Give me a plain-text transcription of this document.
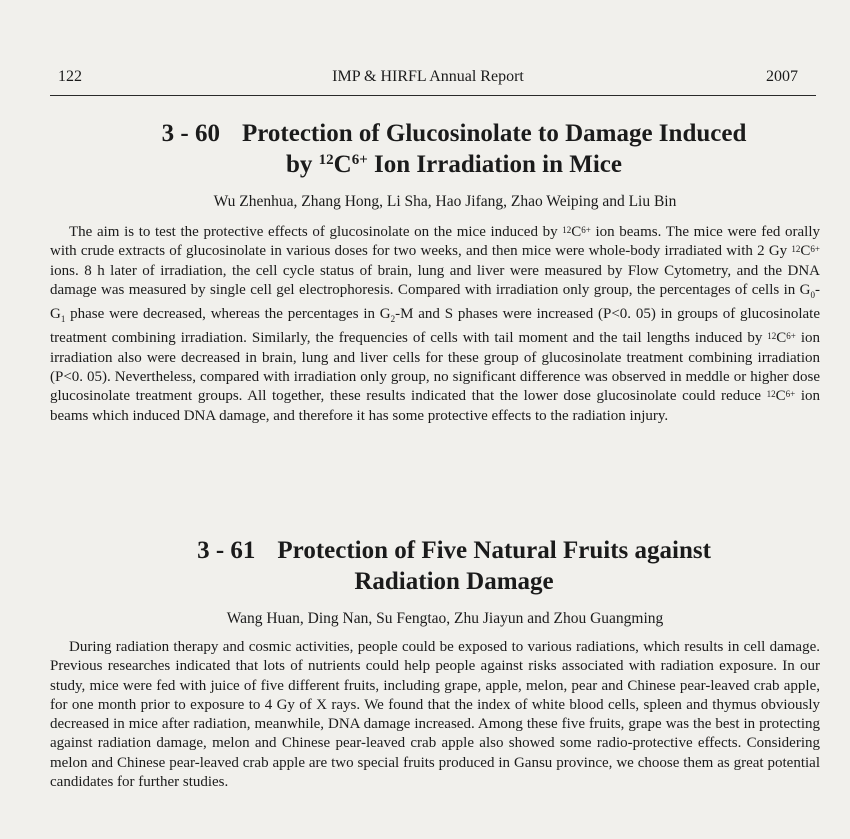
122	IMP & HIRFL Annual Report	2007
3 - 60 Protection of Glucosinolate to Damage Induced
by $^{12}C^{6+}$ Ion Irradiation in Mice

Wu Zhenhua, Zhang Hong, Li Sha, Hao Jifang, Zhao Weiping and Liu Bin

The aim is to test the protective effects of glucosinolate on the mice induced by $^{12}C^{6+}$ ion beams. The mice were fed orally with crude extracts of glucosinolate in various doses for two weeks, and then mice were whole-body irradiated with 2 Gy $^{12}C^{6+}$ ions. 8 h later of irradiation, the cell cycle status of brain, lung and liver were measured by Flow Cytometry, and the DNA damage was measured by single cell gel electrophoresis. Compared with irradiation only group, the percentages of cells in $G_0-G_1$ phase were decreased, whereas the percentages in $G_2-M$ and S phases were increased (P<0. 05) in groups of glucosinolate treatment combining irradiation. Similarly, the frequencies of cells with tail moment and the tail lengths induced by $^{12}C^{6+}$ ion irradiation also were decreased in brain, lung and liver cells for these group of glucosinolate treatment combining irradiation (P<0. 05). Nevertheless, compared with irradiation only group, no significant difference was observed in meddle or higher dose glucosinolate treatment groups. All together, these results indicated that the lower dose glucosinolate could reduce $^{12}C^{6+}$ ion beams which induced DNA damage, and therefore it has some protective effects to the radiation injury.

3 - 61 Protection of Five Natural Fruits against
Radiation Damage

Wang Huan, Ding Nan, Su Fengtao, Zhu Jiayun and Zhou Guangming

During radiation therapy and cosmic activities, people could be exposed to various radiations, which results in cell damage. Previous researches indicated that lots of nutrients could help people against risks associated with radiation exposure. In our study, mice were fed with juice of five different fruits, including grape, apple, melon, pear and Chinese pear-leaved crab apple, for one month prior to exposure to 4 Gy of X rays. We found that the index of white blood cells, spleen and thymus obviously decreased in mice after radiation, meanwhile, DNA damage increased. Among these five fruits, grape was the best in protecting against radiation damage, melon and Chinese pear-leaved crab apple also showed some radio-protective effects. Considering melon and Chinese pear-leaved crab apple are two special fruits produced in Gansu province, we choose them as great potential candidates for further studies.
